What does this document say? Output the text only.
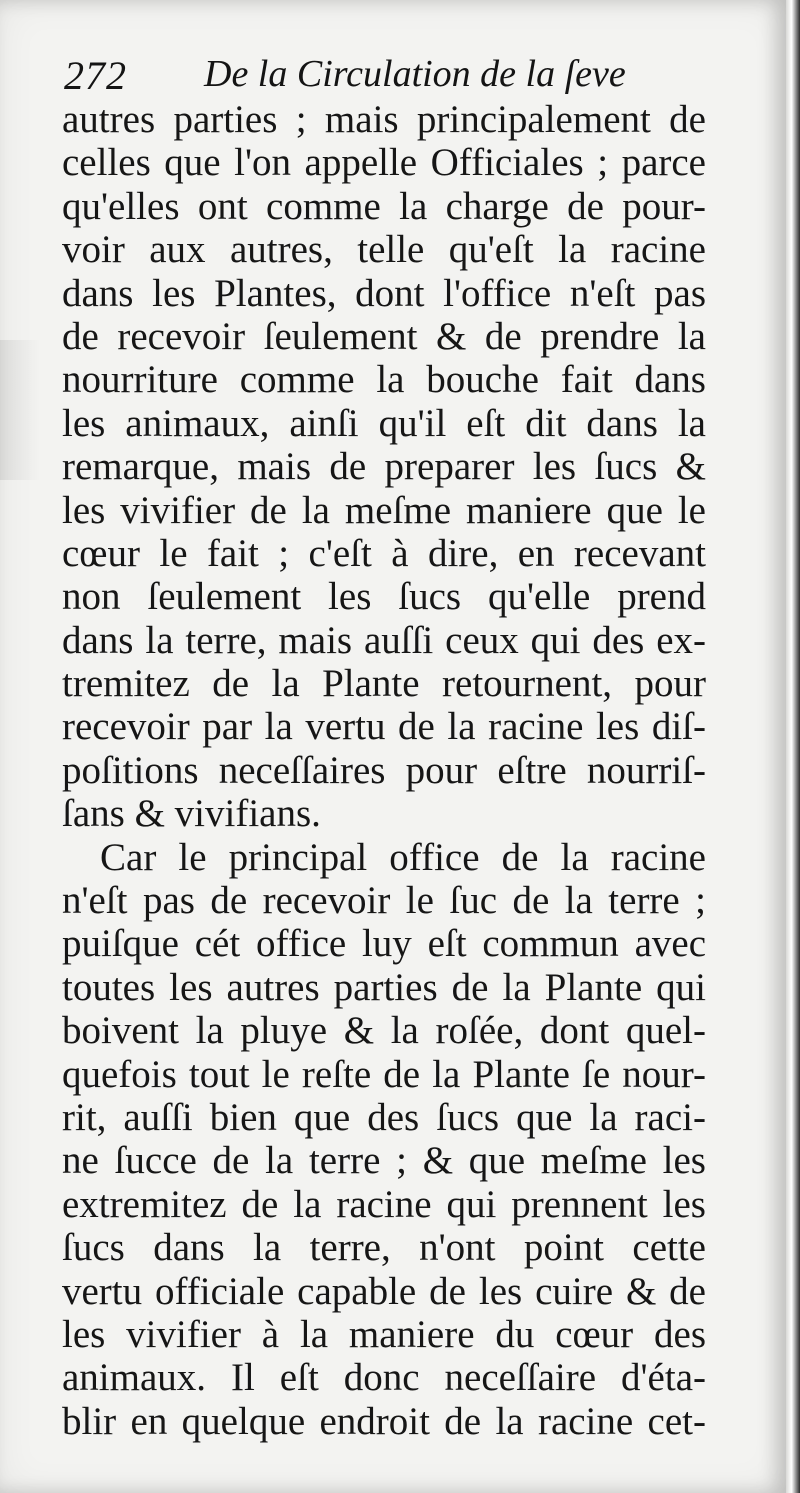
272 De la Circulation de la ſeve
autres parties ; mais principalement de
celles que l'on appelle Officiales ; parce
qu'elles ont comme la charge de pour-
voir aux autres, telle qu'eſt la racine
dans les Plantes, dont l'office n'eſt pas
de recevoir ſeulement & de prendre la
nourriture comme la bouche fait dans
les animaux, ainſi qu'il eſt dit dans la
remarque, mais de preparer les ſucs &
les vivifier de la meſme maniere que le
cœur le fait ; c'eſt à dire, en recevant
non ſeulement les ſucs qu'elle prend
dans la terre, mais auſſi ceux qui des ex-
tremitez de la Plante retournent, pour
recevoir par la vertu de la racine les diſ-
poſitions neceſſaires pour eſtre nourriſ-
ſans & vivifians.
Car le principal office de la racine
n'eſt pas de recevoir le ſuc de la terre ;
puiſque cét office luy eſt commun avec
toutes les autres parties de la Plante qui
boivent la pluye & la roſée, dont quel-
quefois tout le reſte de la Plante ſe nour-
rit, auſſi bien que des ſucs que la raci-
ne ſucce de la terre ; & que meſme les
extremitez de la racine qui prennent les
ſucs dans la terre, n'ont point cette
vertu officiale capable de les cuire & de
les vivifier à la maniere du cœur des
animaux. Il eſt donc neceſſaire d'éta-
blir en quelque endroit de la racine cet-
